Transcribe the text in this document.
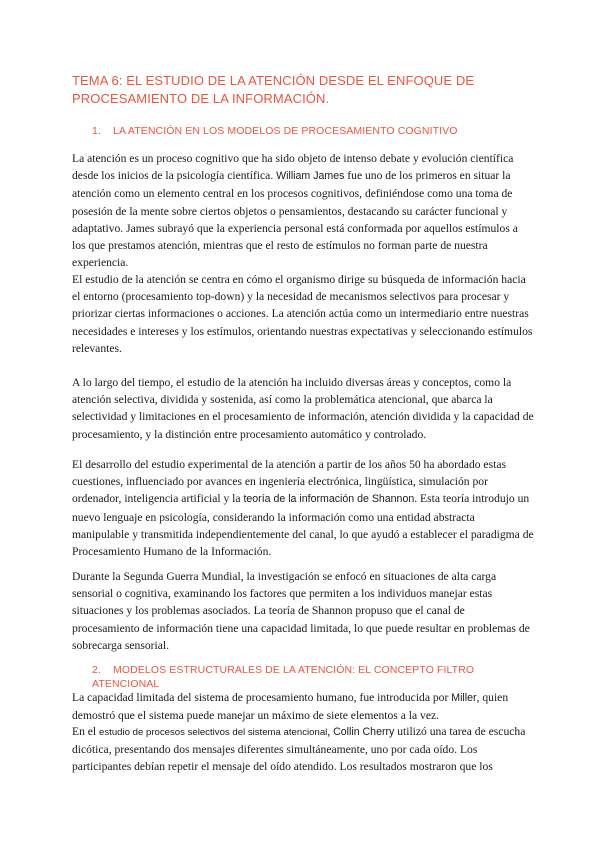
TEMA 6: EL ESTUDIO DE LA ATENCIÓN DESDE EL ENFOQUE DE PROCESAMIENTO DE LA INFORMACIÓN.
1. LA ATENCIÓN EN LOS MODELOS DE PROCESAMIENTO COGNITIVO

La atención es un proceso cognitivo que ha sido objeto de intenso debate y evolución científica desde los inicios de la psicología científica. William James fue uno de los primeros en situar la atención como un elemento central en los procesos cognitivos, definiéndose como una toma de posesión de la mente sobre ciertos objetos o pensamientos, destacando su carácter funcional y adaptativo. James subrayó que la experiencia personal está conformada por aquellos estímulos a los que prestamos atención, mientras que el resto de estímulos no forman parte de nuestra experiencia.

El estudio de la atención se centra en cómo el organismo dirige su búsqueda de información hacia el entorno (procesamiento top-down) y la necesidad de mecanismos selectivos para procesar y priorizar ciertas informaciones o acciones. La atención actúa como un intermediario entre nuestras necesidades e intereses y los estímulos, orientando nuestras expectativas y seleccionando estímulos relevantes.

A lo largo del tiempo, el estudio de la atención ha incluido diversas áreas y conceptos, como la atención selectiva, dividida y sostenida, así como la problemática atencional, que abarca la selectividad y limitaciones en el procesamiento de información, atención dividida y la capacidad de procesamiento, y la distinción entre procesamiento automático y controlado.

El desarrollo del estudio experimental de la atención a partir de los años 50 ha abordado estas cuestiones, influenciado por avances en ingeniería electrónica, lingüística, simulación por ordenador, inteligencia artificial y la teoría de la información de Shannon. Esta teoría introdujo un nuevo lenguaje en psicología, considerando la información como una entidad abstracta manipulable y transmitida independientemente del canal, lo que ayudó a establecer el paradigma de Procesamiento Humano de la Información.

Durante la Segunda Guerra Mundial, la investigación se enfocó en situaciones de alta carga sensorial o cognitiva, examinando los factores que permiten a los individuos manejar estas situaciones y los problemas asociados. La teoría de Shannon propuso que el canal de procesamiento de información tiene una capacidad limitada, lo que puede resultar en problemas de sobrecarga sensorial.

2. MODELOS ESTRUCTURALES DE LA ATENCIÓN: EL CONCEPTO FILTRO ATENCIONAL

La capacidad limitada del sistema de procesamiento humano, fue introducida por Miller, quien demostró que el sistema puede manejar un máximo de siete elementos a la vez.

En el estudio de procesos selectivos del sistema atencional, Collin Cherry utilizó una tarea de escucha dicótica, presentando dos mensajes diferentes simultáneamente, uno por cada oído. Los participantes debían repetir el mensaje del oído atendido. Los resultados mostraron que los
